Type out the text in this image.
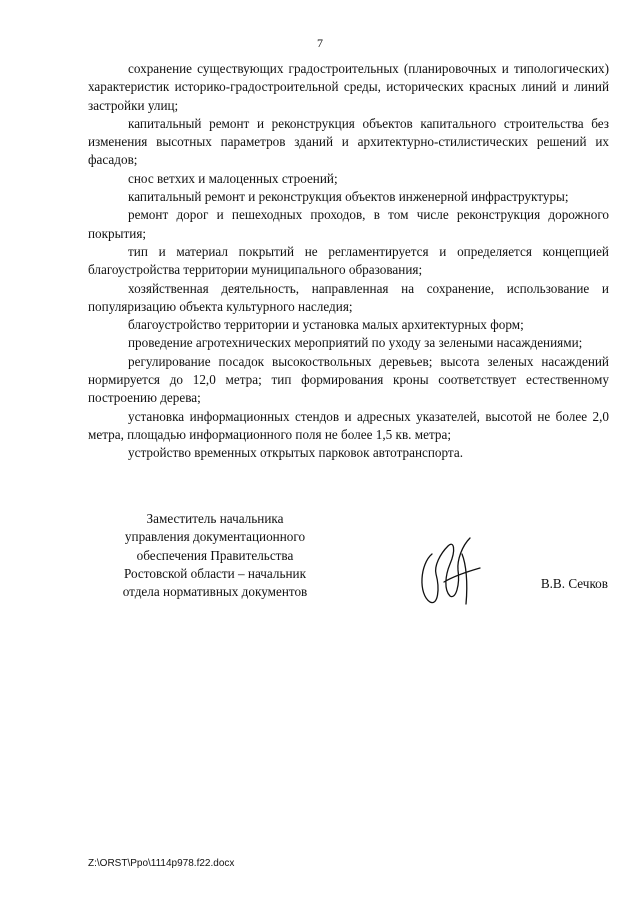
7

сохранение существующих градостроительных (планировочных и типологических) характеристик историко-градостроительной среды, исторических красных линий и линий застройки улиц;

капитальный ремонт и реконструкция объектов капитального строительства без изменения высотных параметров зданий и архитектурно-стилистических решений их фасадов;

снос ветхих и малоценных строений;

капитальный ремонт и реконструкция объектов инженерной инфраструктуры;

ремонт дорог и пешеходных проходов, в том числе реконструкция дорожного покрытия;

тип и материал покрытий не регламентируется и определяется концепцией благоустройства территории муниципального образования;

хозяйственная деятельность, направленная на сохранение, использование и популяризацию объекта культурного наследия;

благоустройство территории и установка малых архитектурных форм;

проведение агротехнических мероприятий по уходу за зелеными насаждениями;

регулирование посадок высокоствольных деревьев; высота зеленых насаждений нормируется до 12,0 метра; тип формирования кроны соответствует естественному построению дерева;

установка информационных стендов и адресных указателей, высотой не более 2,0 метра, площадью информационного поля не более 1,5 кв. метра;

устройство временных открытых парковок автотранспорта.

Заместитель начальника
управления документационного
обеспечения Правительства
Ростовской области – начальник
отдела нормативных документов
В.В. Сечков
Z:\ORST\Ppo\1114p978.f22.docx
